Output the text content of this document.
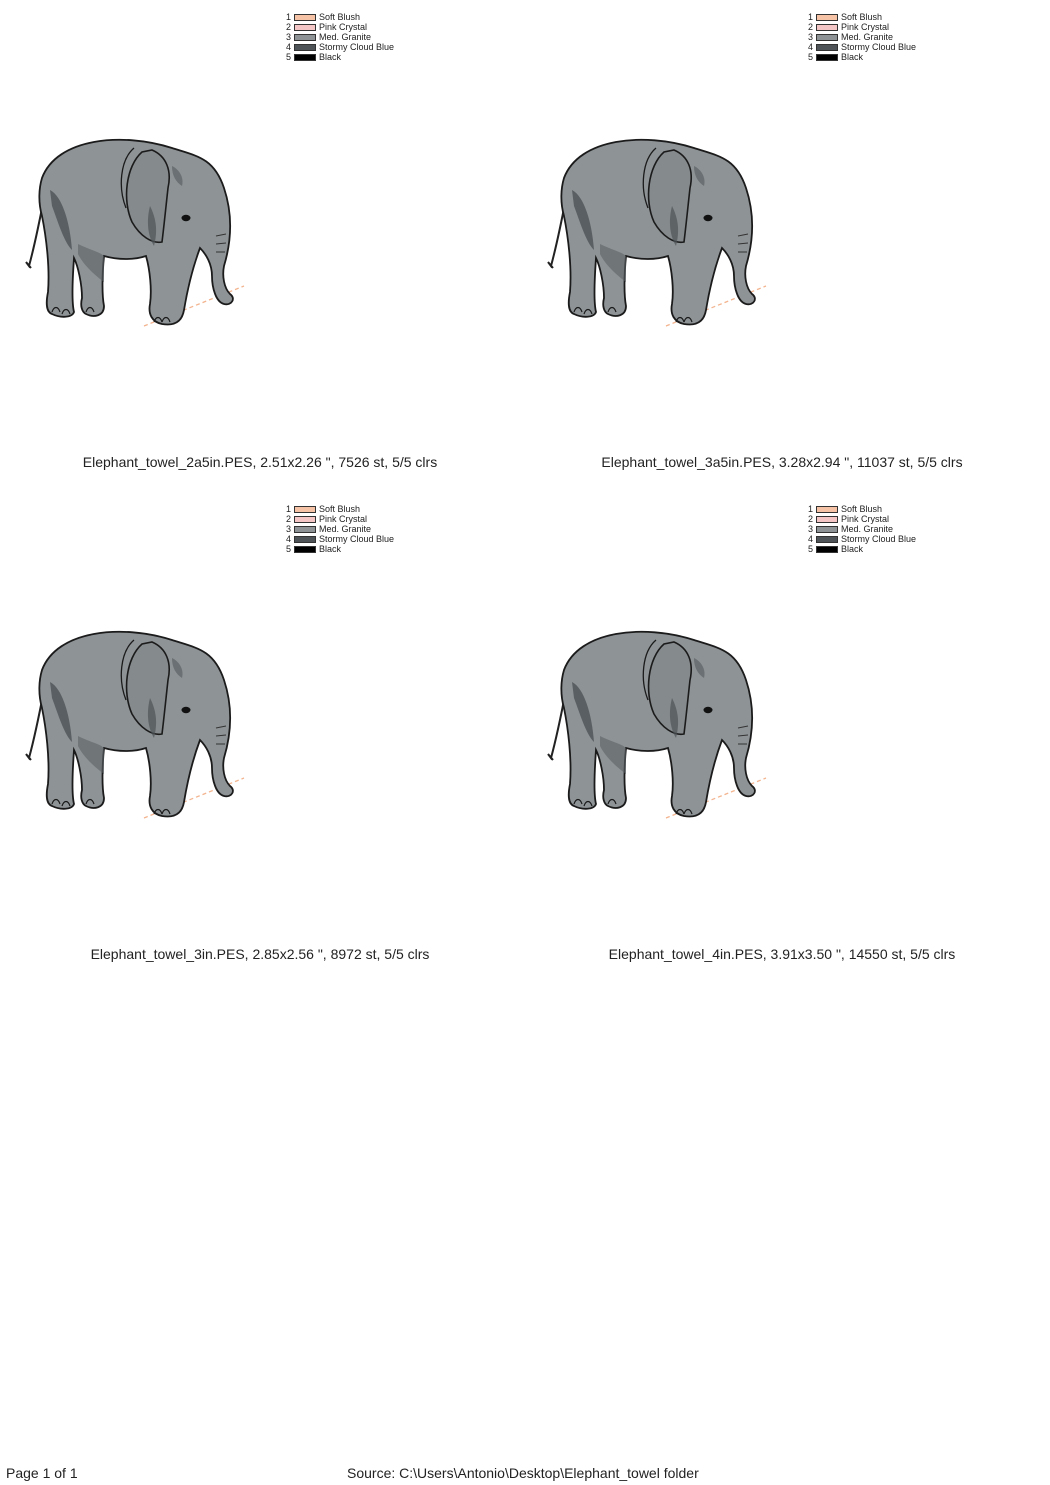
1	Soft Blush
2	Pink Crystal
3	Med. Granite
4	Stormy Cloud Blue
5	Black
Elephant_towel_2a5in.PES, 2.51x2.26 ", 7526 st, 5/5 clrs
1	Soft Blush
2	Pink Crystal
3	Med. Granite
4	Stormy Cloud Blue
5	Black
Elephant_towel_3a5in.PES, 3.28x2.94 ", 11037 st, 5/5 clrs
1	Soft Blush
2	Pink Crystal
3	Med. Granite
4	Stormy Cloud Blue
5	Black
Elephant_towel_3in.PES, 2.85x2.56 ", 8972 st, 5/5 clrs
1	Soft Blush
2	Pink Crystal
3	Med. Granite
4	Stormy Cloud Blue
5	Black
Elephant_towel_4in.PES, 3.91x3.50 ", 14550 st, 5/5 clrs
Page 1 of 1	Source: C:\Users\Antonio\Desktop\Elephant_towel folder
